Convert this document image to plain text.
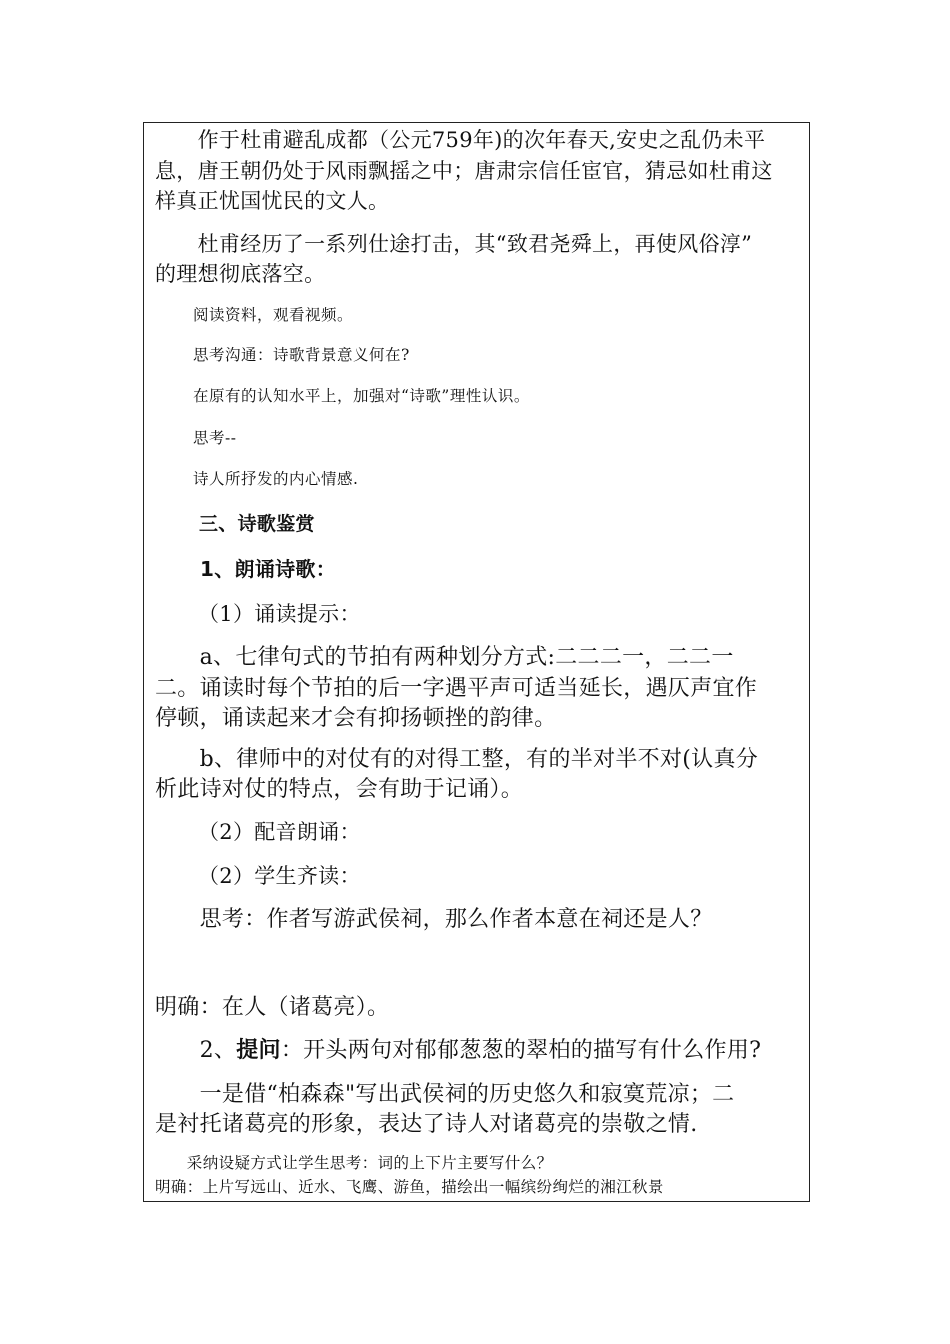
　　作于杜甫避乱成都（公元759年)的次年春天,安史之乱仍未平
息，唐王朝仍处于风雨飘摇之中；唐肃宗信任宦官，猜忌如杜甫这
样真正忧国忧民的文人。
　　杜甫经历了一系列仕途打击，其“致君尧舜上，再使风俗淳”
的理想彻底落空。
阅读资料，观看视频。
思考沟通：诗歌背景意义何在?
在原有的认知水平上，加强对“诗歌”理性认识。
思考--
诗人所抒发的内心情感.
三、诗歌鉴赏
1、朗诵诗歌：
（1）诵读提示：
　　a、七律句式的节拍有两种划分方式:二二二一，二二一
二。诵读时每个节拍的后一字遇平声可适当延长，遇仄声宜作
停顿，诵读起来才会有抑扬顿挫的韵律。
　　b、律师中的对仗有的对得工整，有的半对半不对(认真分
析此诗对仗的特点，会有助于记诵）。
（2）配音朗诵：
（2）学生齐读：
　　思考：作者写游武侯祠，那么作者本意在祠还是人？
明确：在人（诸葛亮）。
　　2、提问：开头两句对郁郁葱葱的翠柏的描写有什么作用?
　　一是借“柏森森"写出武侯祠的历史悠久和寂寞荒凉；二
是衬托诸葛亮的形象，表达了诗人对诸葛亮的崇敬之情.
　　采纳设疑方式让学生思考：词的上下片主要写什么？
明确：上片写远山、近水、飞鹰、游鱼，描绘出一幅缤纷绚烂的湘江秋景
